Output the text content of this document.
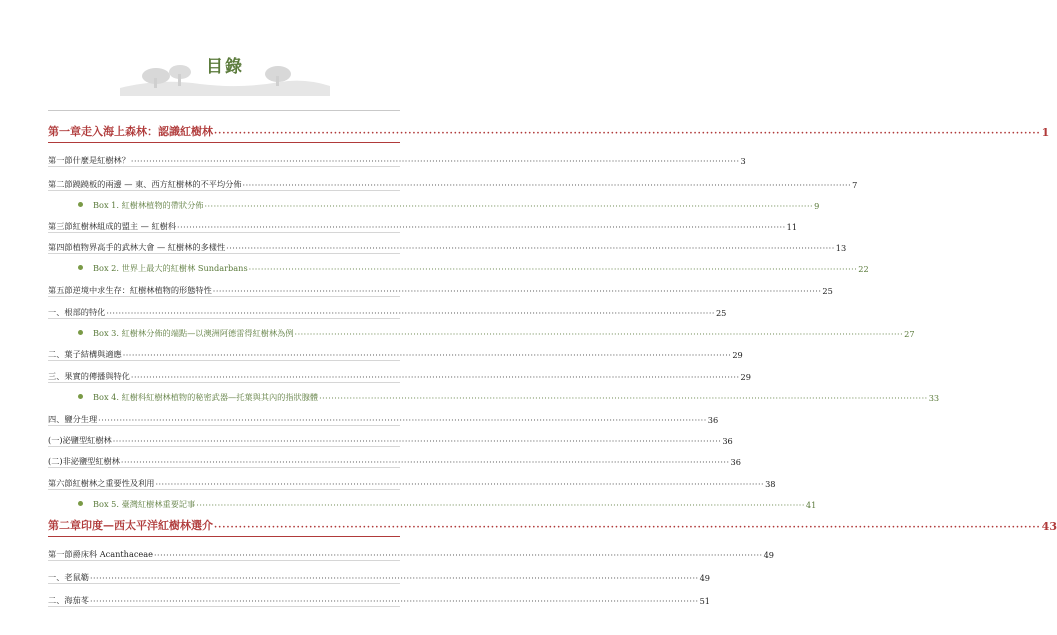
目錄
第一章 走入海上森林：認識紅樹林 ········································································································································································································ 1
第一節 什麼是紅樹林？ ········································································································································································································ 3
第二節 蹺蹺板的兩邊 — 東、西方紅樹林的不平均分佈 ········································································································································································································ 7
Box 1. 紅樹林植物的帶狀分佈 ········································································································································································································ 9
第三節 紅樹林組成的盟主 — 紅樹科 ········································································································································································································ 11
第四節 植物界高手的武林大會 — 紅樹林的多樣性 ········································································································································································································ 13
Box 2. 世界上最大的紅樹林 Sundarbans ········································································································································································································ 22
第五節 逆境中求生存：紅樹林植物的形態特性 ········································································································································································································ 25
一、 根部的特化 ········································································································································································································ 25
Box 3. 紅樹林分佈的端點—以澳洲阿德雷得紅樹林為例 ········································································································································································································ 27
二、 葉子結構與適應 ········································································································································································································ 29
三、 果實的傳播與特化 ········································································································································································································ 29
Box 4. 紅樹科紅樹林植物的秘密武器—托葉與其內的指狀腺體 ········································································································································································································ 33
四、 鹽分生理 ········································································································································································································ 36
(一) 泌鹽型紅樹林 ········································································································································································································ 36
(二) 非泌鹽型紅樹林 ········································································································································································································ 36
第六節 紅樹林之重要性及利用 ········································································································································································································ 38
Box 5. 臺灣紅樹林重要記事 ········································································································································································································ 41
第二章 印度—西太平洋紅樹林選介 ········································································································································································································ 43
第一節 爵床科 Acanthaceae ········································································································································································································ 49
一、 老鼠簕 ········································································································································································································ 49
二、 海茄苳 ········································································································································································································ 51
